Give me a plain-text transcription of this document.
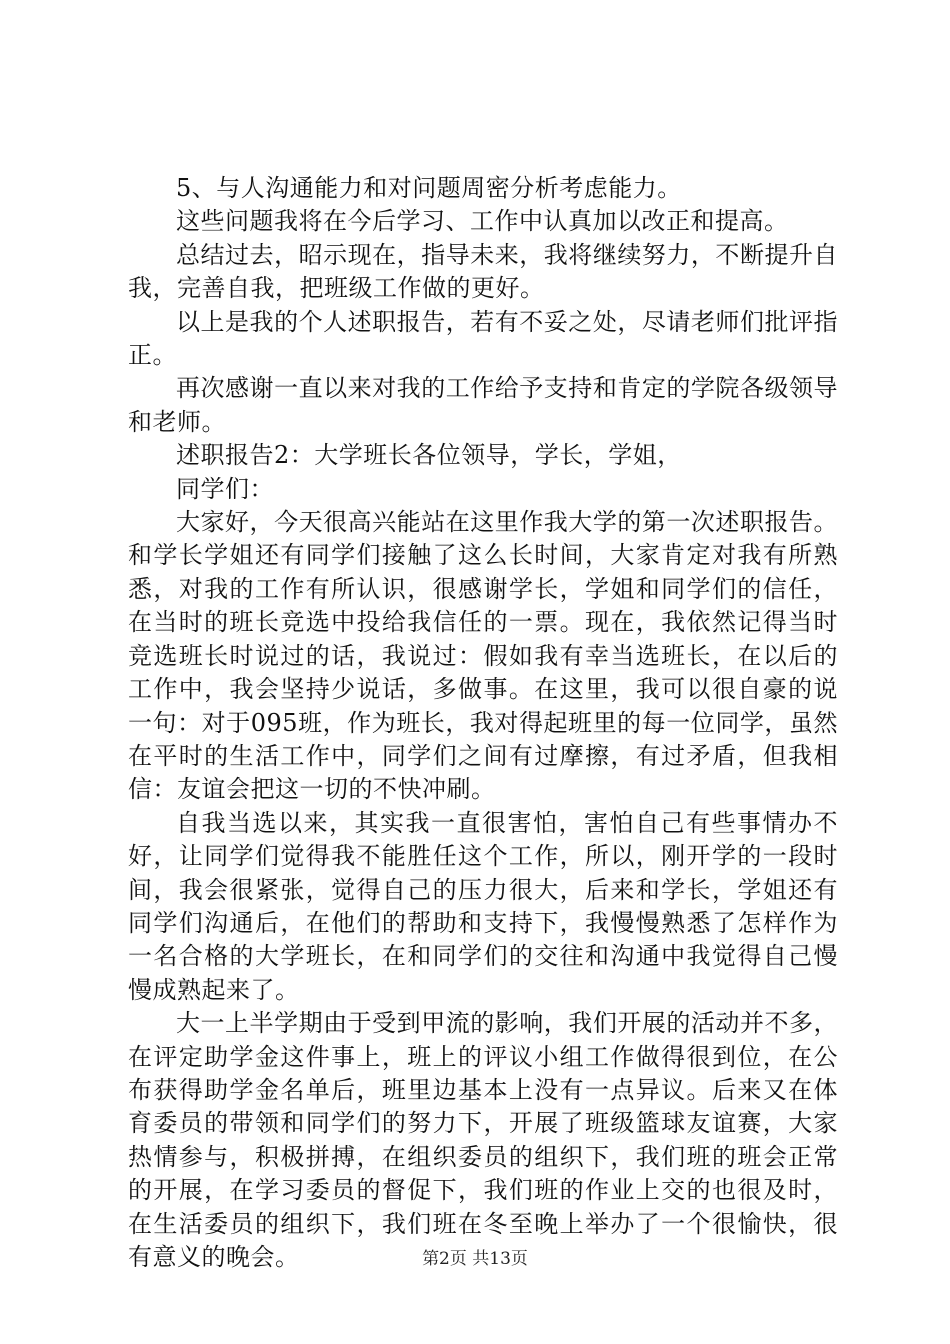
5、与人沟通能力和对问题周密分析考虑能力。

这些问题我将在今后学习、工作中认真加以改正和提高。

总结过去，昭示现在，指导未来，我将继续努力，不断提升自我，完善自我，把班级工作做的更好。

以上是我的个人述职报告，若有不妥之处，尽请老师们批评指正。

再次感谢一直以来对我的工作给予支持和肯定的学院各级领导和老师。

述职报告2：大学班长各位领导，学长，学姐，

同学们：

大家好，今天很高兴能站在这里作我大学的第一次述职报告。和学长学姐还有同学们接触了这么长时间，大家肯定对我有所熟悉，对我的工作有所认识，很感谢学长，学姐和同学们的信任，在当时的班长竞选中投给我信任的一票。现在，我依然记得当时竞选班长时说过的话，我说过：假如我有幸当选班长，在以后的工作中，我会坚持少说话，多做事。在这里，我可以很自豪的说一句：对于095班，作为班长，我对得起班里的每一位同学，虽然在平时的生活工作中，同学们之间有过摩擦，有过矛盾，但我相信：友谊会把这一切的不快冲刷。

自我当选以来，其实我一直很害怕，害怕自己有些事情办不好，让同学们觉得我不能胜任这个工作，所以，刚开学的一段时间，我会很紧张，觉得自己的压力很大，后来和学长，学姐还有同学们沟通后，在他们的帮助和支持下，我慢慢熟悉了怎样作为一名合格的大学班长，在和同学们的交往和沟通中我觉得自己慢慢成熟起来了。

大一上半学期由于受到甲流的影响，我们开展的活动并不多，在评定助学金这件事上，班上的评议小组工作做得很到位，在公布获得助学金名单后，班里边基本上没有一点异议。后来又在体育委员的带领和同学们的努力下，开展了班级篮球友谊赛，大家热情参与，积极拼搏，在组织委员的组织下，我们班的班会正常的开展，在学习委员的督促下，我们班的作业上交的也很及时，在生活委员的组织下，我们班在冬至晚上举办了一个很愉快，很有意义的晚会。	第2页 共13页
